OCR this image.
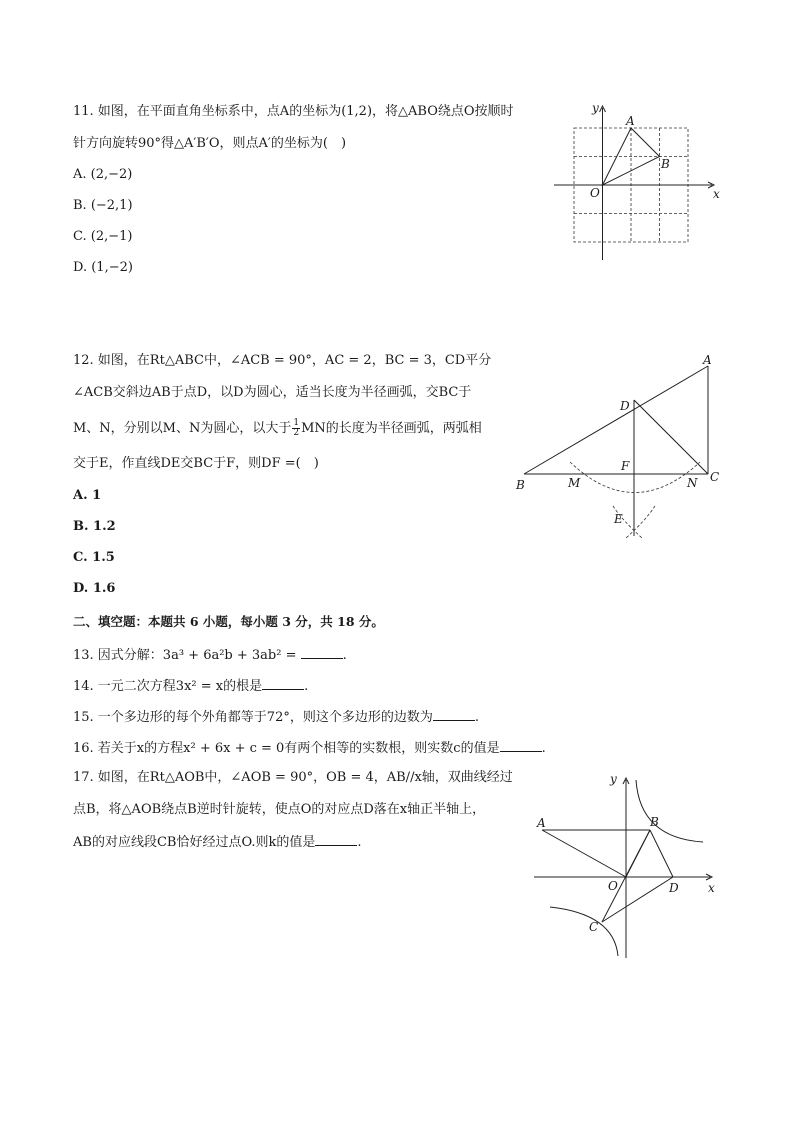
11. 如图，在平面直角坐标系中，点A的坐标为(1,2)，将△ABO绕点O按顺时
针方向旋转90°得△A′B′O，则点A′的坐标为(　)
A. (2,−2)
B. (−2,1)
C. (2,−1)
D. (1,−2)
y
x
A
B
O
12. 如图，在Rt△ABC中，∠ACB = 90°，AC = 2，BC = 3，CD平分
∠ACB交斜边AB于点D，以D为圆心，适当长度为半径画弧，交BC于
M、N，分别以M、N为圆心，以大于 $\frac{1}{2}$ MN的长度为半径画弧，两弧相
交于E，作直线DE交BC于F，则DF =(　)
A. 1
B. 1.2
C. 1.5
D. 1.6
A
D
F
B	M	N C
E
二、填空题：本题共 6 小题，每小题 3 分，共 18 分。
13. 因式分解：3a³ + 6a²b + 3ab² =	.
14. 一元二次方程3x² = x的根是	.
15. 一个多边形的每个外角都等于72°，则这个多边形的边数为	.
16. 若关于x的方程x² + 6x + c = 0有两个相等的实数根，则实数c的值是	.
17. 如图，在Rt△AOB中，∠AOB = 90°，OB = 4，AB//x轴，双曲线经过
点B，将△AOB绕点B逆时针旋转，使点O的对应点D落在x轴正半轴上，
AB的对应线段CB恰好经过点O.则k的值是	.
y
x
A	B
O	D
C
